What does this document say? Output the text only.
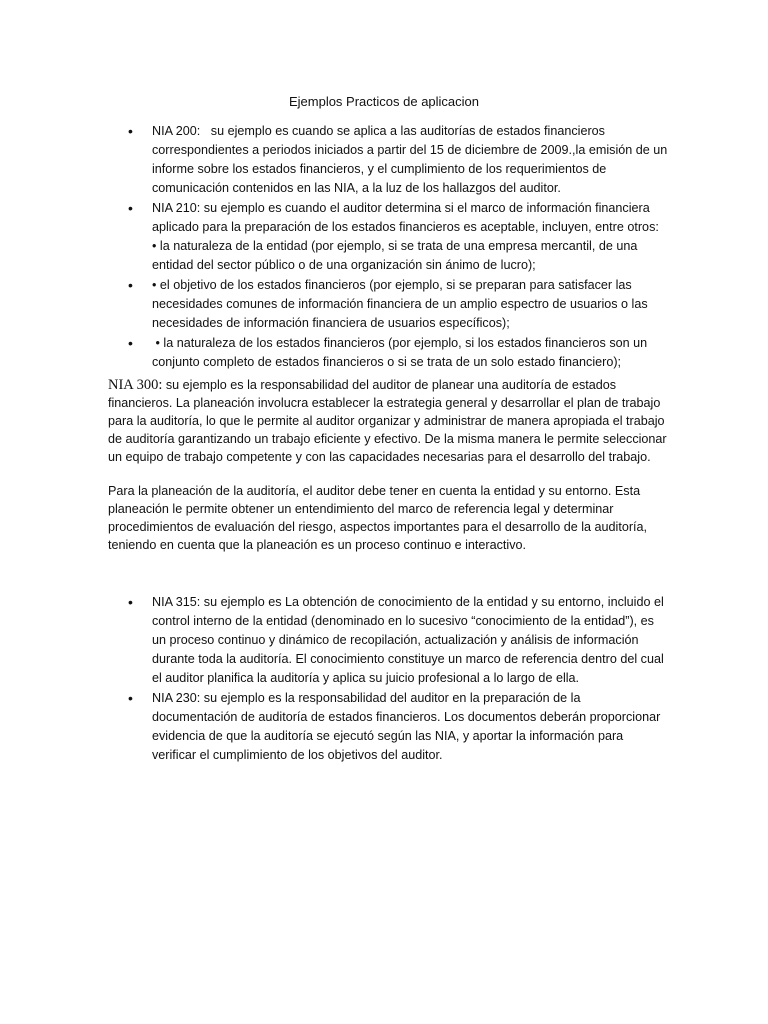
Ejemplos Practicos de aplicacion
• NIA 200:   su ejemplo es cuando se aplica a las auditorías de estados financieros correspondientes a periodos iniciados a partir del 15 de diciembre de 2009.,la emisión de un informe sobre los estados financieros, y el cumplimiento de los requerimientos de comunicación contenidos en las NIA, a la luz de los hallazgos del auditor.
• NIA 210: su ejemplo es cuando el auditor determina si el marco de información financiera aplicado para la preparación de los estados financieros es aceptable, incluyen, entre otros:
• la naturaleza de la entidad (por ejemplo, si se trata de una empresa mercantil, de una entidad del sector público o de una organización sin ánimo de lucro);
• • el objetivo de los estados financieros (por ejemplo, si se preparan para satisfacer las necesidades comunes de información financiera de un amplio espectro de usuarios o las necesidades de información financiera de usuarios específicos);
•  • la naturaleza de los estados financieros (por ejemplo, si los estados financieros son un conjunto completo de estados financieros o si se trata de un solo estado financiero);

NIA 300: su ejemplo es la responsabilidad del auditor de planear una auditoría de estados financieros. La planeación involucra establecer la estrategia general y desarrollar el plan de trabajo para la auditoría, lo que le permite al auditor organizar y administrar de manera apropiada el trabajo de auditoría garantizando un trabajo eficiente y efectivo. De la misma manera le permite seleccionar un equipo de trabajo competente y con las capacidades necesarias para el desarrollo del trabajo.

Para la planeación de la auditoría, el auditor debe tener en cuenta la entidad y su entorno. Esta planeación le permite obtener un entendimiento del marco de referencia legal y determinar procedimientos de evaluación del riesgo, aspectos importantes para el desarrollo de la auditoría, teniendo en cuenta que la planeación es un proceso continuo e interactivo.

• NIA 315: su ejemplo es La obtención de conocimiento de la entidad y su entorno, incluido el control interno de la entidad (denominado en lo sucesivo “conocimiento de la entidad”), es un proceso continuo y dinámico de recopilación, actualización y análisis de información durante toda la auditoría. El conocimiento constituye un marco de referencia dentro del cual el auditor planifica la auditoría y aplica su juicio profesional a lo largo de ella.
• NIA 230: su ejemplo es la responsabilidad del auditor en la preparación de la documentación de auditoría de estados financieros. Los documentos deberán proporcionar evidencia de que la auditoría se ejecutó según las NIA, y aportar la información para verificar el cumplimiento de los objetivos del auditor.
